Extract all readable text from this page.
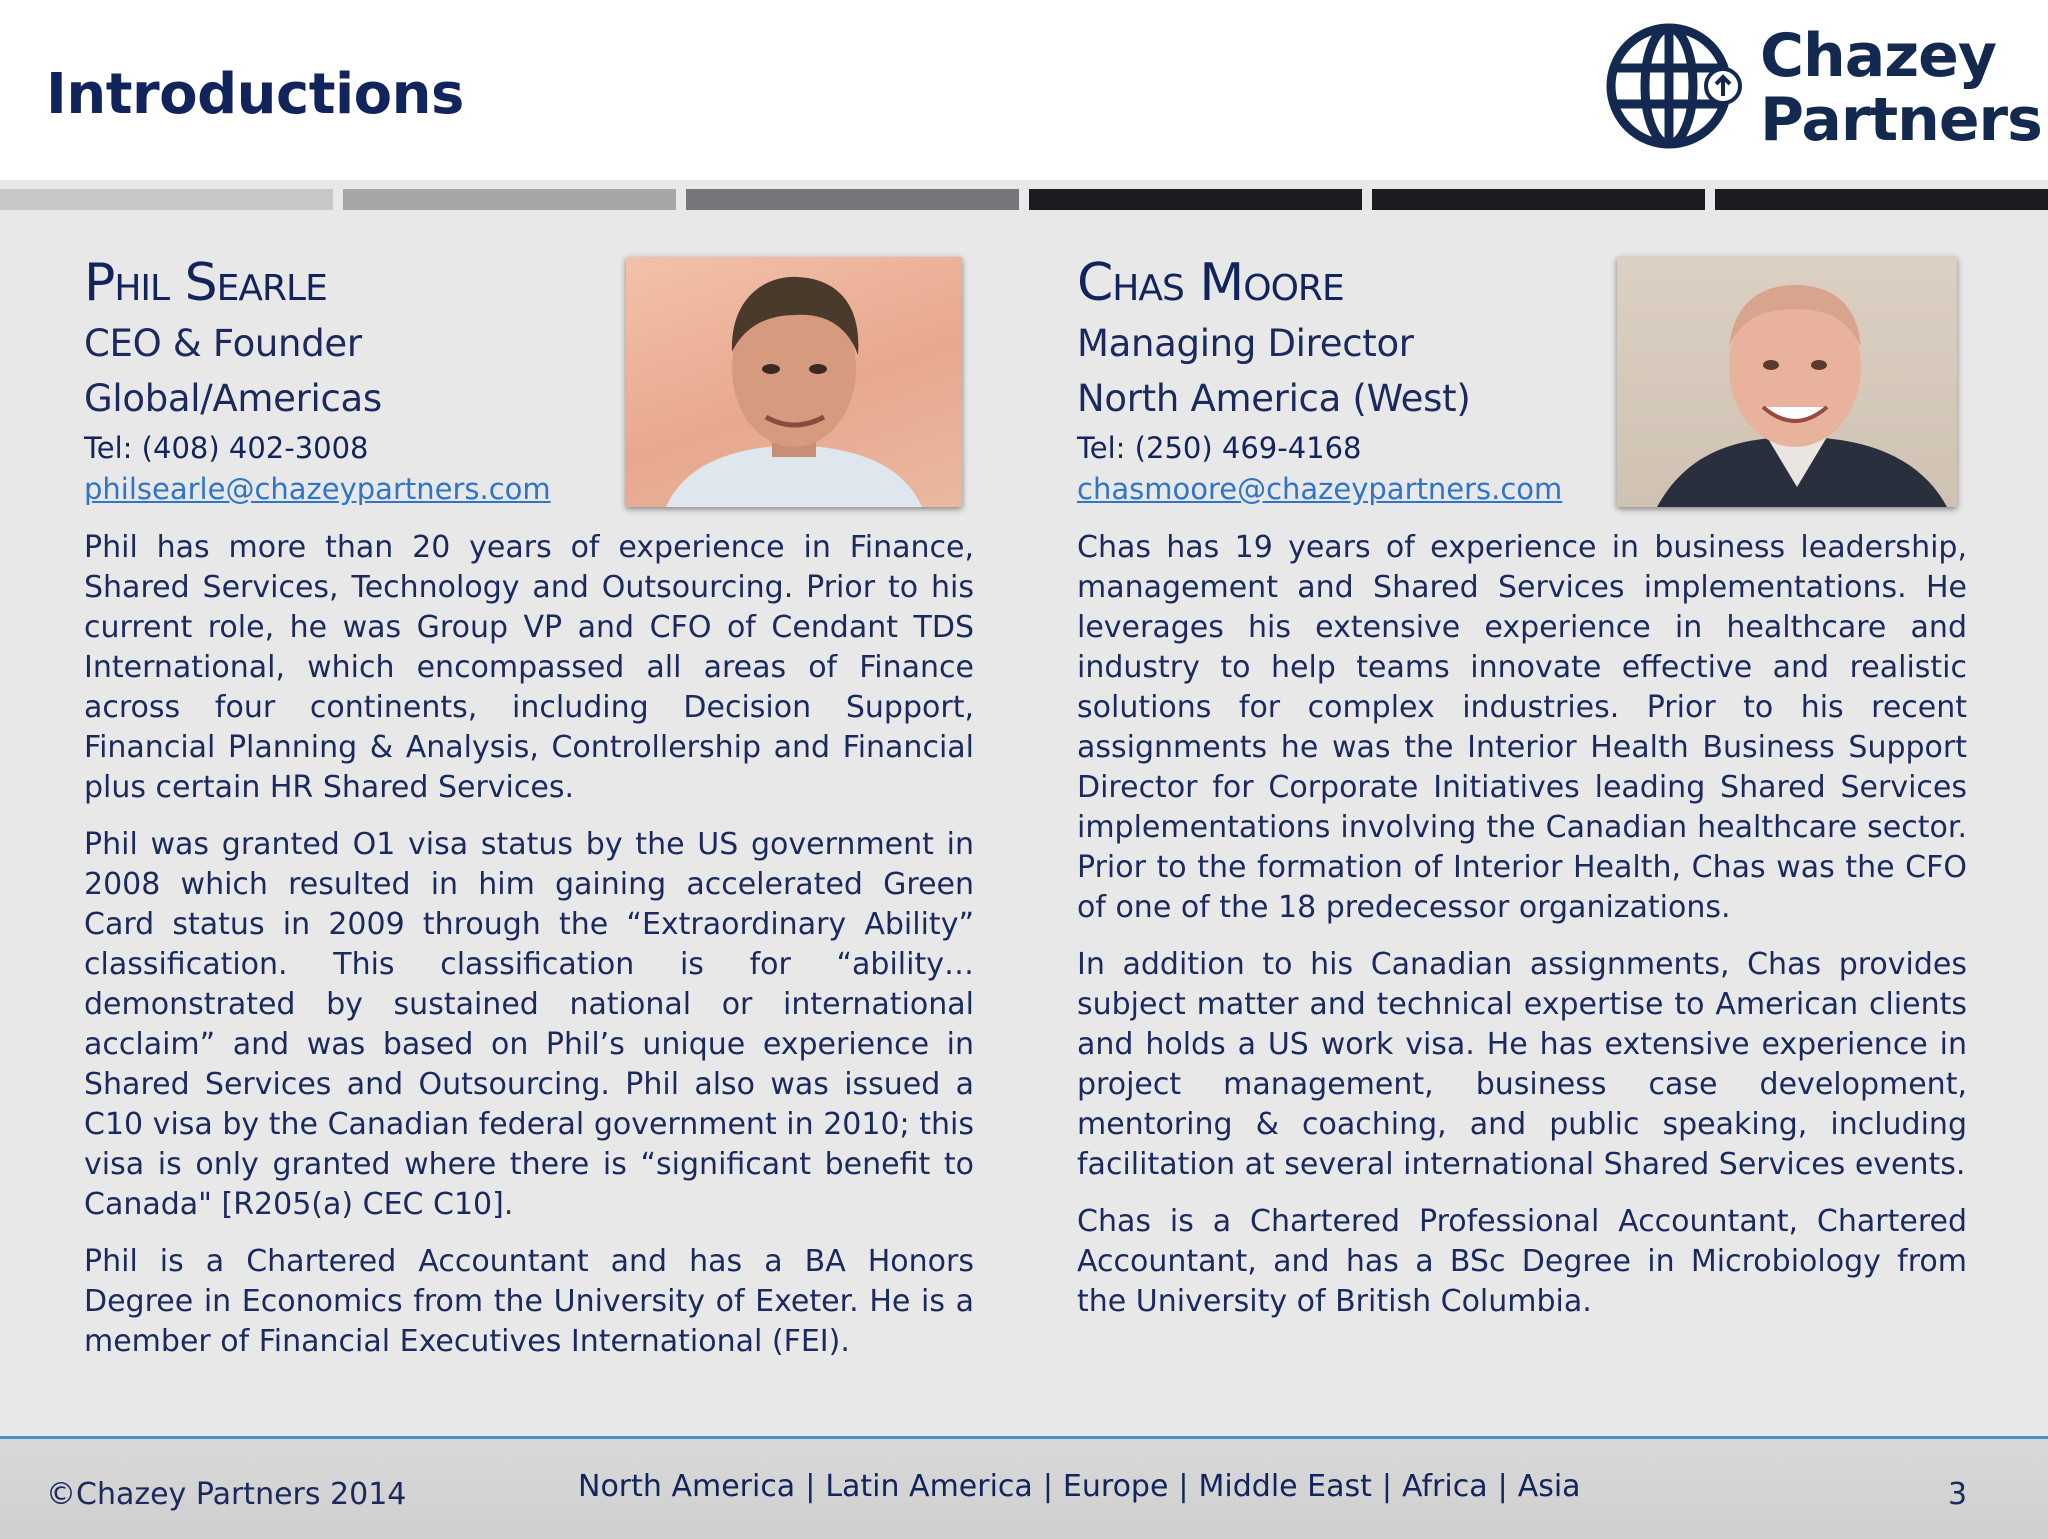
Introductions
Chazey
Partners
Phil Searle
CEO & Founder
Global/Americas
Tel: (408) 402-3008
philsearle@chazeypartners.com

Phil has more than 20 years of experience in Finance, Shared Services, Technology and Outsourcing. Prior to his current role, he was Group VP and CFO of Cendant TDS International, which encompassed all areas of Finance across four continents, including Decision Support, Financial Planning & Analysis, Controllership and Financial plus certain HR Shared Services.

Phil was granted O1 visa status by the US government in 2008 which resulted in him gaining accelerated Green Card status in 2009 through the “Extraordinary Ability” classification. This classification is for “ability…demonstrated by sustained national or international acclaim” and was based on Phil’s unique experience in Shared Services and Outsourcing. Phil also was issued a C10 visa by the Canadian federal government in 2010; this visa is only granted where there is “significant benefit to Canada" [R205(a) CEC C10].

Phil is a Chartered Accountant and has a BA Honors Degree in Economics from the University of Exeter. He is a member of Financial Executives International (FEI).

Chas Moore
Managing Director
North America (West)
Tel: (250) 469-4168
chasmoore@chazeypartners.com

Chas has 19 years of experience in business leadership, management and Shared Services implementations. He leverages his extensive experience in healthcare and industry to help teams innovate effective and realistic solutions for complex industries. Prior to his recent assignments he was the Interior Health Business Support Director for Corporate Initiatives leading Shared Services implementations involving the Canadian healthcare sector. Prior to the formation of Interior Health, Chas was the CFO of one of the 18 predecessor organizations.

In addition to his Canadian assignments, Chas provides subject matter and technical expertise to American clients and holds a US work visa. He has extensive experience in project management, business case development, mentoring & coaching, and public speaking, including facilitation at several international Shared Services events.

Chas is a Chartered Professional Accountant, Chartered Accountant, and has a BSc Degree in Microbiology from the University of British Columbia.

©Chazey Partners 2014	North America | Latin America | Europe | Middle East | Africa | Asia	3
